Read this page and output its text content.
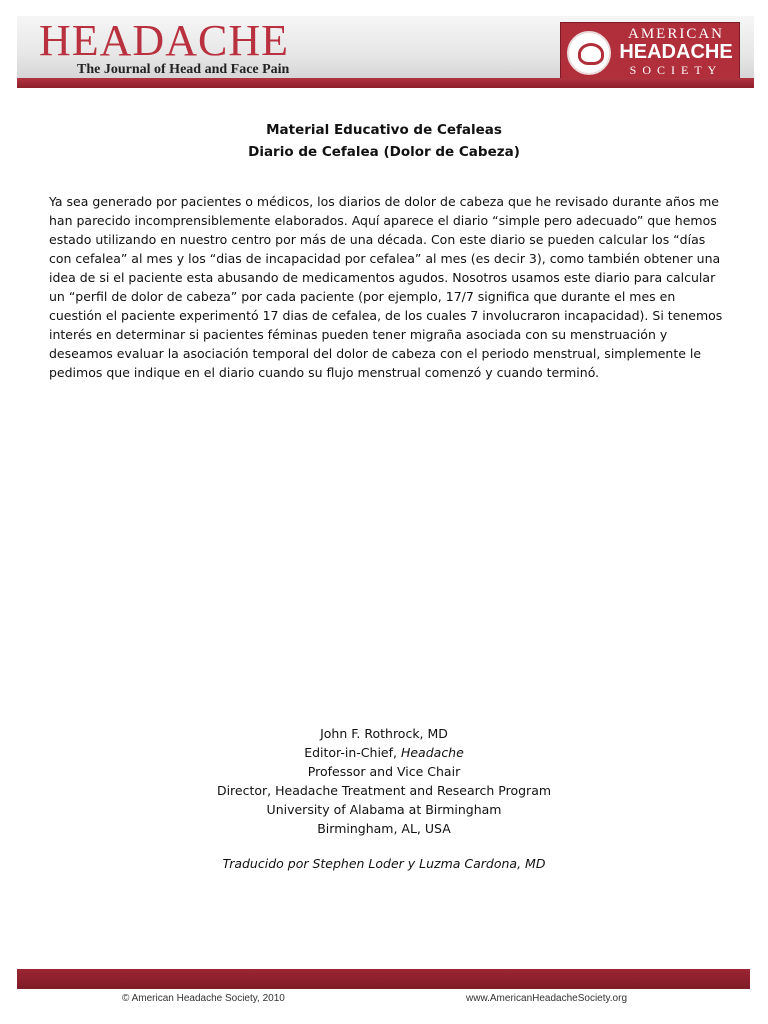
HEADACHE
The Journal of Head and Face Pain
AMERICAN
HEADACHE
SOCIETY
Material Educativo de Cefaleas
Diario de Cefalea (Dolor de Cabeza)

Ya sea generado por pacientes o médicos, los diarios de dolor de cabeza que he revisado durante años me han parecido incomprensiblemente elaborados. Aquí aparece el diario “simple pero adecuado” que hemos estado utilizando en nuestro centro por más de una década. Con este diario se pueden calcular los “días con cefalea” al mes y los “dias de incapacidad por cefalea” al mes (es decir 3), como también obtener una idea de si el paciente esta abusando de medicamentos agudos. Nosotros usamos este diario para calcular un “perfil de dolor de cabeza” por cada paciente (por ejemplo, 17/7 significa que durante el mes en cuestión el paciente experimentó 17 dias de cefalea, de los cuales 7 involucraron incapacidad). Si tenemos interés en determinar si pacientes féminas pueden tener migraña asociada con su menstruación y deseamos evaluar la asociación temporal del dolor de cabeza con el periodo menstrual, simplemente le pedimos que indique en el diario cuando su flujo menstrual comenzó y cuando terminó.

John F. Rothrock, MD
Editor-in-Chief, Headache
Professor and Vice Chair
Director, Headache Treatment and Research Program
University of Alabama at Birmingham
Birmingham, AL, USA
Traducido por Stephen Loder y Luzma Cardona, MD
© American Headache Society, 2010	www.AmericanHeadacheSociety.org
